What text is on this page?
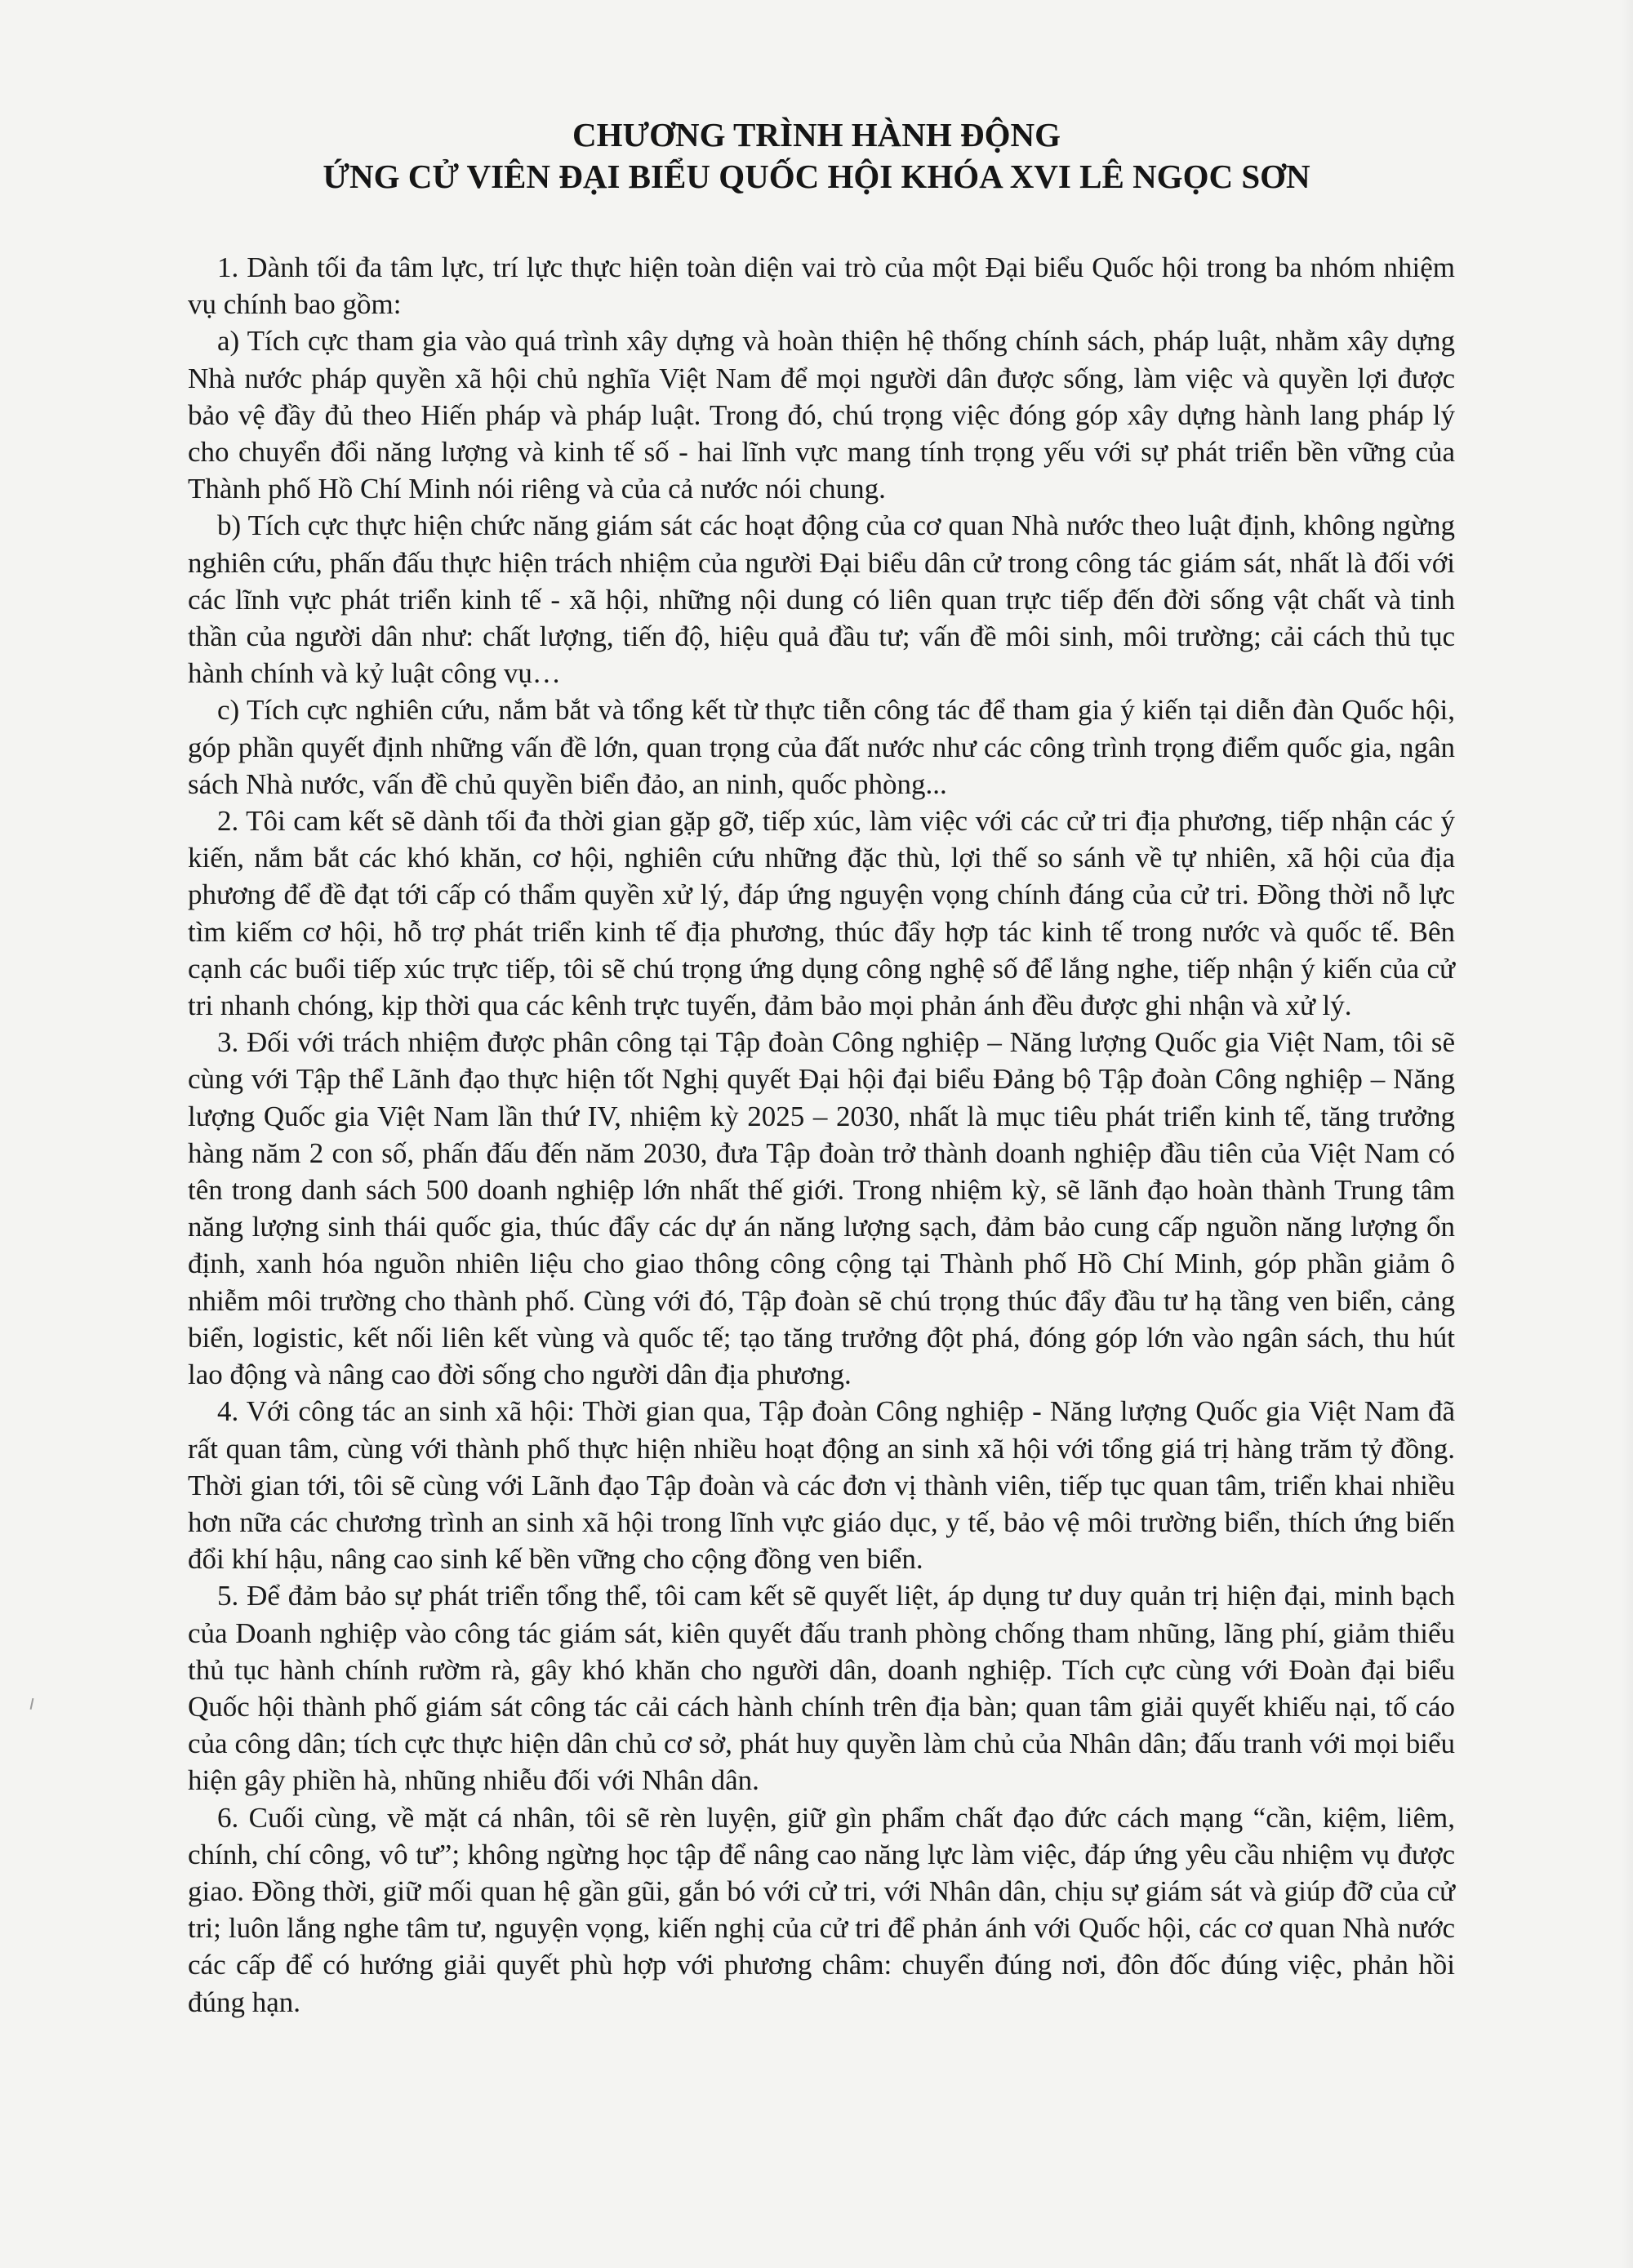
CHƯƠNG TRÌNH HÀNH ĐỘNG
ỨNG CỬ VIÊN ĐẠI BIỂU QUỐC HỘI KHÓA XVI LÊ NGỌC SƠN

1. Dành tối đa tâm lực, trí lực thực hiện toàn diện vai trò của một Đại biểu Quốc hội trong ba nhóm nhiệm vụ chính bao gồm:

a) Tích cực tham gia vào quá trình xây dựng và hoàn thiện hệ thống chính sách, pháp luật, nhằm xây dựng Nhà nước pháp quyền xã hội chủ nghĩa Việt Nam để mọi người dân được sống, làm việc và quyền lợi được bảo vệ đầy đủ theo Hiến pháp và pháp luật. Trong đó, chú trọng việc đóng góp xây dựng hành lang pháp lý cho chuyển đổi năng lượng và kinh tế số - hai lĩnh vực mang tính trọng yếu với sự phát triển bền vững của Thành phố Hồ Chí Minh nói riêng và của cả nước nói chung.

b) Tích cực thực hiện chức năng giám sát các hoạt động của cơ quan Nhà nước theo luật định, không ngừng nghiên cứu, phấn đấu thực hiện trách nhiệm của người Đại biểu dân cử trong công tác giám sát, nhất là đối với các lĩnh vực phát triển kinh tế - xã hội, những nội dung có liên quan trực tiếp đến đời sống vật chất và tinh thần của người dân như: chất lượng, tiến độ, hiệu quả đầu tư; vấn đề môi sinh, môi trường; cải cách thủ tục hành chính và kỷ luật công vụ…

c) Tích cực nghiên cứu, nắm bắt và tổng kết từ thực tiễn công tác để tham gia ý kiến tại diễn đàn Quốc hội, góp phần quyết định những vấn đề lớn, quan trọng của đất nước như các công trình trọng điểm quốc gia, ngân sách Nhà nước, vấn đề chủ quyền biển đảo, an ninh, quốc phòng...

2. Tôi cam kết sẽ dành tối đa thời gian gặp gỡ, tiếp xúc, làm việc với các cử tri địa phương, tiếp nhận các ý kiến, nắm bắt các khó khăn, cơ hội, nghiên cứu những đặc thù, lợi thế so sánh về tự nhiên, xã hội của địa phương để đề đạt tới cấp có thẩm quyền xử lý, đáp ứng nguyện vọng chính đáng của cử tri. Đồng thời nỗ lực tìm kiếm cơ hội, hỗ trợ phát triển kinh tế địa phương, thúc đẩy hợp tác kinh tế trong nước và quốc tế. Bên cạnh các buổi tiếp xúc trực tiếp, tôi sẽ chú trọng ứng dụng công nghệ số để lắng nghe, tiếp nhận ý kiến của cử tri nhanh chóng, kịp thời qua các kênh trực tuyến, đảm bảo mọi phản ánh đều được ghi nhận và xử lý.

3. Đối với trách nhiệm được phân công tại Tập đoàn Công nghiệp – Năng lượng Quốc gia Việt Nam, tôi sẽ cùng với Tập thể Lãnh đạo thực hiện tốt Nghị quyết Đại hội đại biểu Đảng bộ Tập đoàn Công nghiệp – Năng lượng Quốc gia Việt Nam lần thứ IV, nhiệm kỳ 2025 – 2030, nhất là mục tiêu phát triển kinh tế, tăng trưởng hàng năm 2 con số, phấn đấu đến năm 2030, đưa Tập đoàn trở thành doanh nghiệp đầu tiên của Việt Nam có tên trong danh sách 500 doanh nghiệp lớn nhất thế giới. Trong nhiệm kỳ, sẽ lãnh đạo hoàn thành Trung tâm năng lượng sinh thái quốc gia, thúc đẩy các dự án năng lượng sạch, đảm bảo cung cấp nguồn năng lượng ổn định, xanh hóa nguồn nhiên liệu cho giao thông công cộng tại Thành phố Hồ Chí Minh, góp phần giảm ô nhiễm môi trường cho thành phố. Cùng với đó, Tập đoàn sẽ chú trọng thúc đẩy đầu tư hạ tầng ven biển, cảng biển, logistic, kết nối liên kết vùng và quốc tế; tạo tăng trưởng đột phá, đóng góp lớn vào ngân sách, thu hút lao động và nâng cao đời sống cho người dân địa phương.

4. Với công tác an sinh xã hội: Thời gian qua, Tập đoàn Công nghiệp - Năng lượng Quốc gia Việt Nam đã rất quan tâm, cùng với thành phố thực hiện nhiều hoạt động an sinh xã hội với tổng giá trị hàng trăm tỷ đồng. Thời gian tới, tôi sẽ cùng với Lãnh đạo Tập đoàn và các đơn vị thành viên, tiếp tục quan tâm, triển khai nhiều hơn nữa các chương trình an sinh xã hội trong lĩnh vực giáo dục, y tế, bảo vệ môi trường biển, thích ứng biến đổi khí hậu, nâng cao sinh kế bền vững cho cộng đồng ven biển.

5. Để đảm bảo sự phát triển tổng thể, tôi cam kết sẽ quyết liệt, áp dụng tư duy quản trị hiện đại, minh bạch của Doanh nghiệp vào công tác giám sát, kiên quyết đấu tranh phòng chống tham nhũng, lãng phí, giảm thiểu thủ tục hành chính rườm rà, gây khó khăn cho người dân, doanh nghiệp. Tích cực cùng với Đoàn đại biểu Quốc hội thành phố giám sát công tác cải cách hành chính trên địa bàn; quan tâm giải quyết khiếu nại, tố cáo của công dân; tích cực thực hiện dân chủ cơ sở, phát huy quyền làm chủ của Nhân dân; đấu tranh với mọi biểu hiện gây phiền hà, nhũng nhiễu đối với Nhân dân.

6. Cuối cùng, về mặt cá nhân, tôi sẽ rèn luyện, giữ gìn phẩm chất đạo đức cách mạng “cần, kiệm, liêm, chính, chí công, vô tư”; không ngừng học tập để nâng cao năng lực làm việc, đáp ứng yêu cầu nhiệm vụ được giao. Đồng thời, giữ mối quan hệ gần gũi, gắn bó với cử tri, với Nhân dân, chịu sự giám sát và giúp đỡ của cử tri; luôn lắng nghe tâm tư, nguyện vọng, kiến nghị của cử tri để phản ánh với Quốc hội, các cơ quan Nhà nước các cấp để có hướng giải quyết phù hợp với phương châm: chuyển đúng nơi, đôn đốc đúng việc, phản hồi đúng hạn.
